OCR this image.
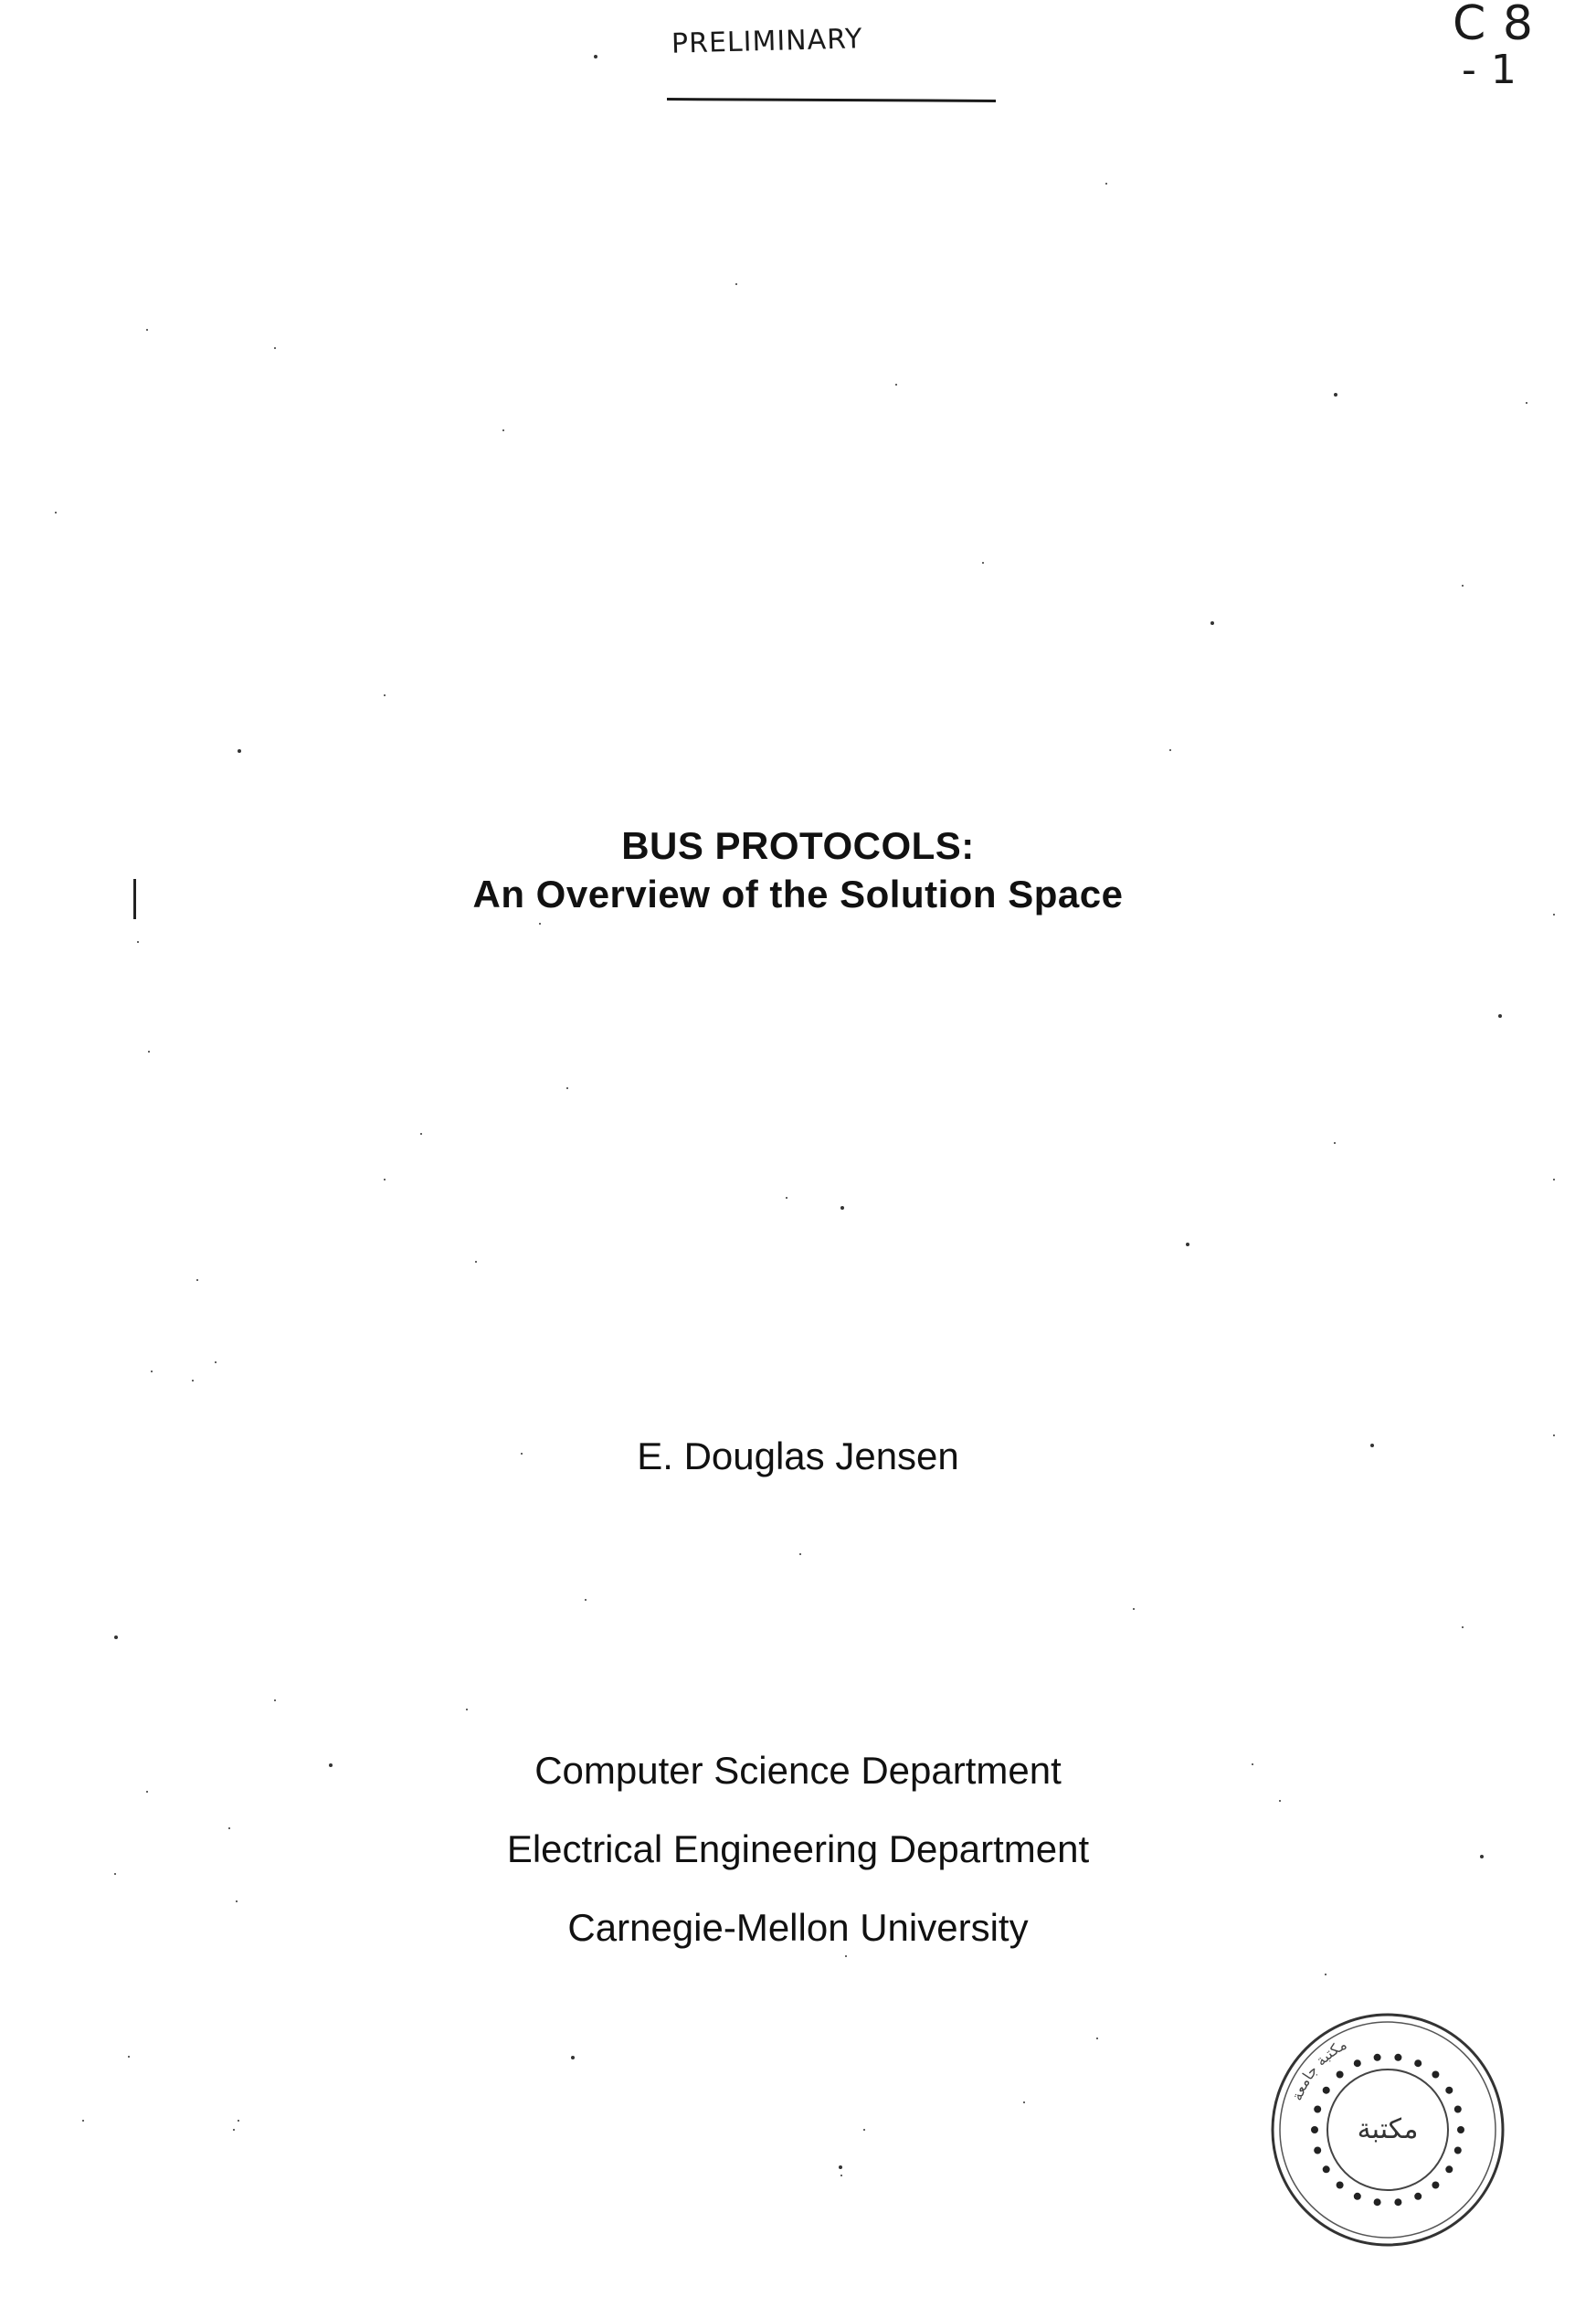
PRELIMINARY	C 8
- 1

BUS PROTOCOLS:

An Overview of the Solution Space

E. Douglas Jensen

Computer Science Department

Electrical Engineering Department

Carnegie-Mellon University

مكتبة
مكتبة جامعة
